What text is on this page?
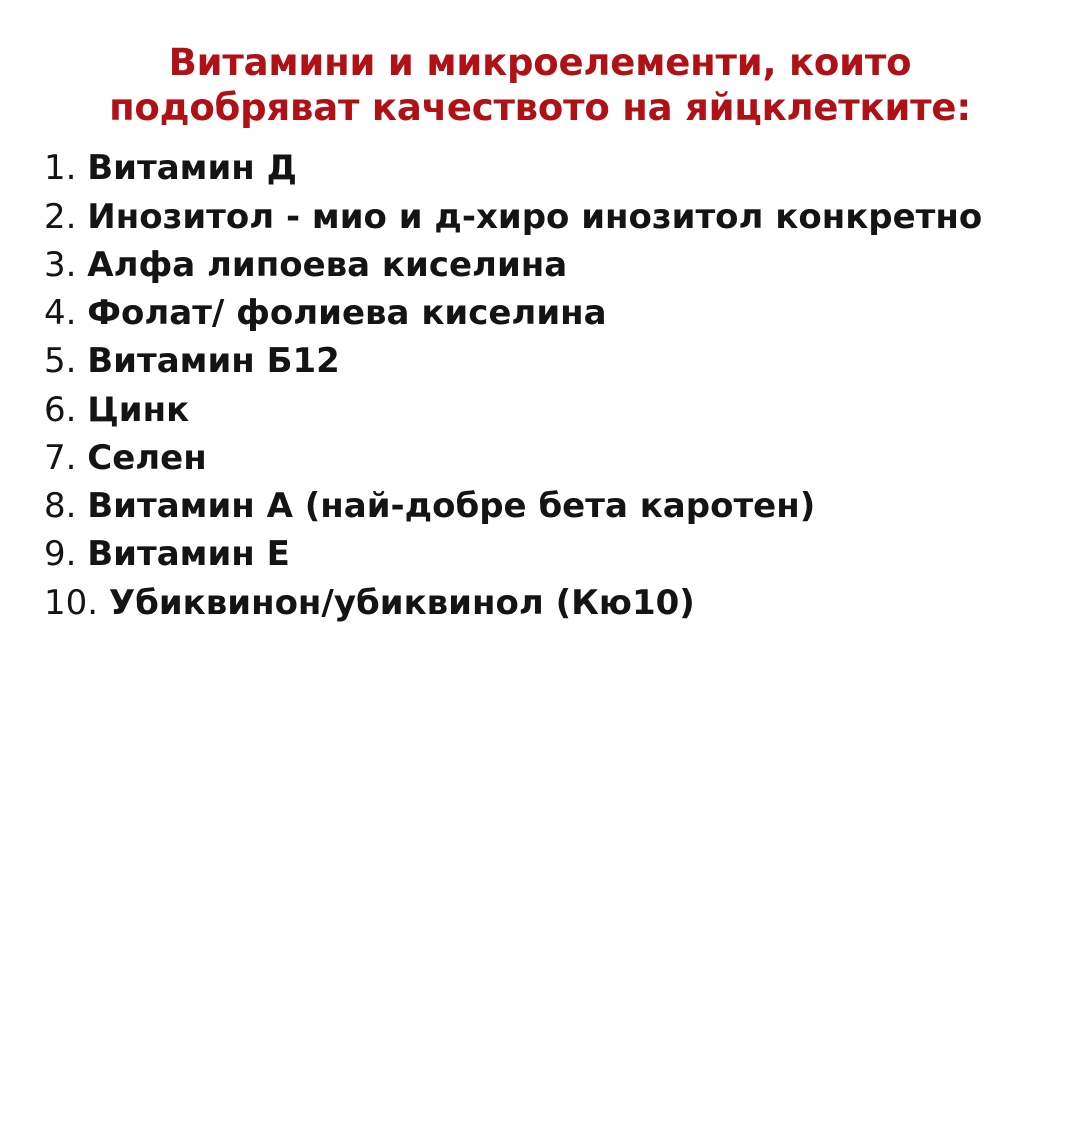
Витамини и микроелементи, които
подобряват качеството на яйцклетките:
1. Витамин Д
2. Инозитол - мио и д-хиро инозитол конкретно
3. Алфа липоева киселина
4. Фолат/ фолиева киселина
5. Витамин Б12
6. Цинк
7. Селен
8. Витамин А (най-добре бета каротен)
9. Витамин Е
10. Убиквинон/убиквинол (Кю10)
